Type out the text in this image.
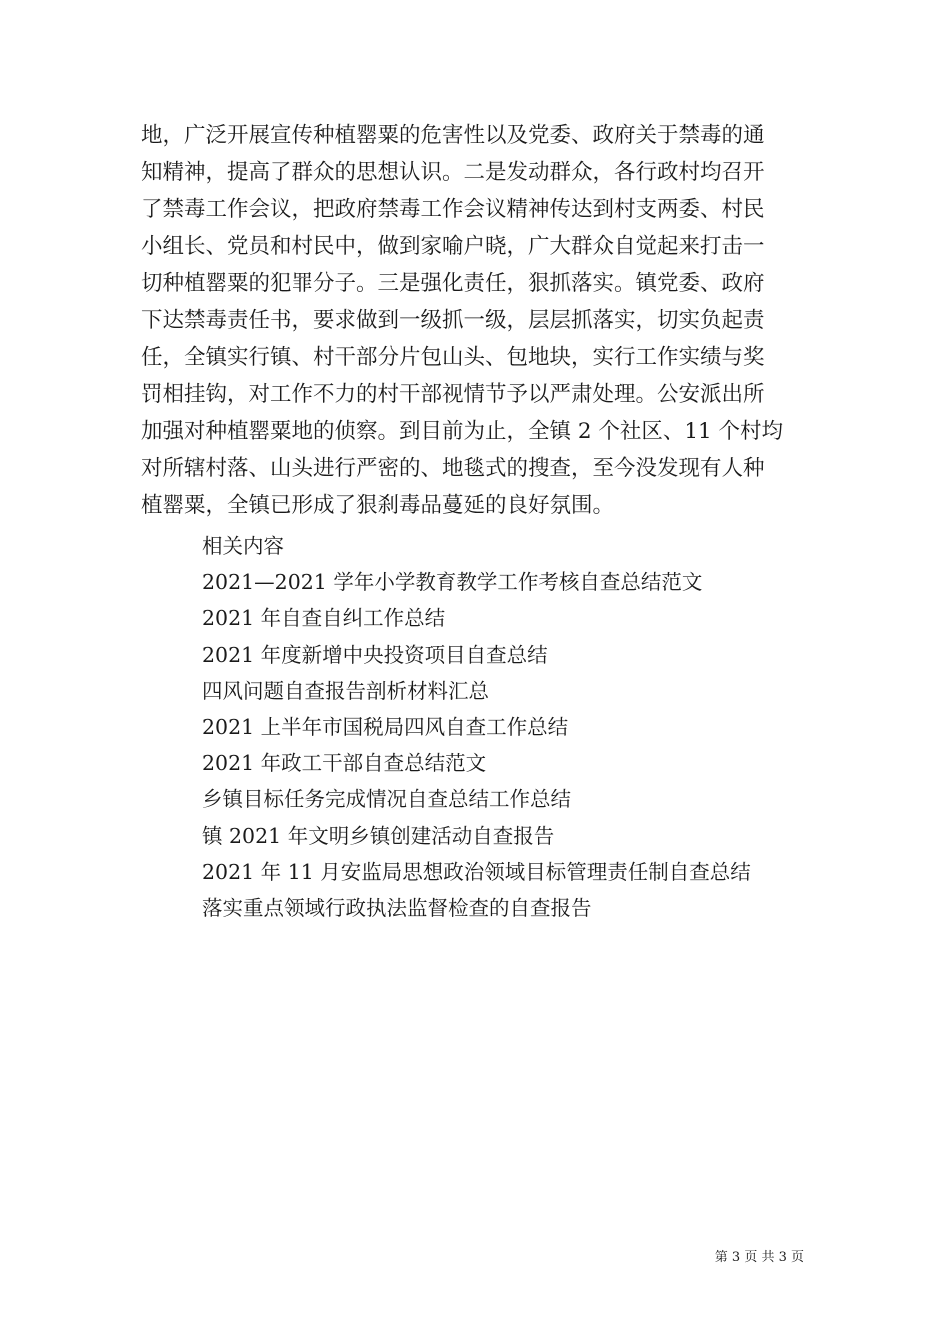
地，广泛开展宣传种植罂粟的危害性以及党委、政府关于禁毒的通
知精神，提高了群众的思想认识。二是发动群众，各行政村均召开
了禁毒工作会议，把政府禁毒工作会议精神传达到村支两委、村民
小组长、党员和村民中，做到家喻户晓，广大群众自觉起来打击一
切种植罂粟的犯罪分子。三是强化责任，狠抓落实。镇党委、政府
下达禁毒责任书，要求做到一级抓一级，层层抓落实，切实负起责
任，全镇实行镇、村干部分片包山头、包地块，实行工作实绩与奖
罚相挂钩，对工作不力的村干部视情节予以严肃处理。公安派出所
加强对种植罂粟地的侦察。到目前为止，全镇 2 个社区、11 个村均
对所辖村落、山头进行严密的、地毯式的搜查，至今没发现有人种
植罂粟，全镇已形成了狠刹毒品蔓延的良好氛围。
相关内容
2021—2021 学年小学教育教学工作考核自查总结范文
2021 年自查自纠工作总结
2021 年度新增中央投资项目自查总结
四风问题自查报告剖析材料汇总
2021 上半年市国税局四风自查工作总结
2021 年政工干部自查总结范文
乡镇目标任务完成情况自查总结工作总结
镇 2021 年文明乡镇创建活动自查报告
2021 年 11 月安监局思想政治领域目标管理责任制自查总结
落实重点领域行政执法监督检查的自查报告
第 3 页 共 3 页
